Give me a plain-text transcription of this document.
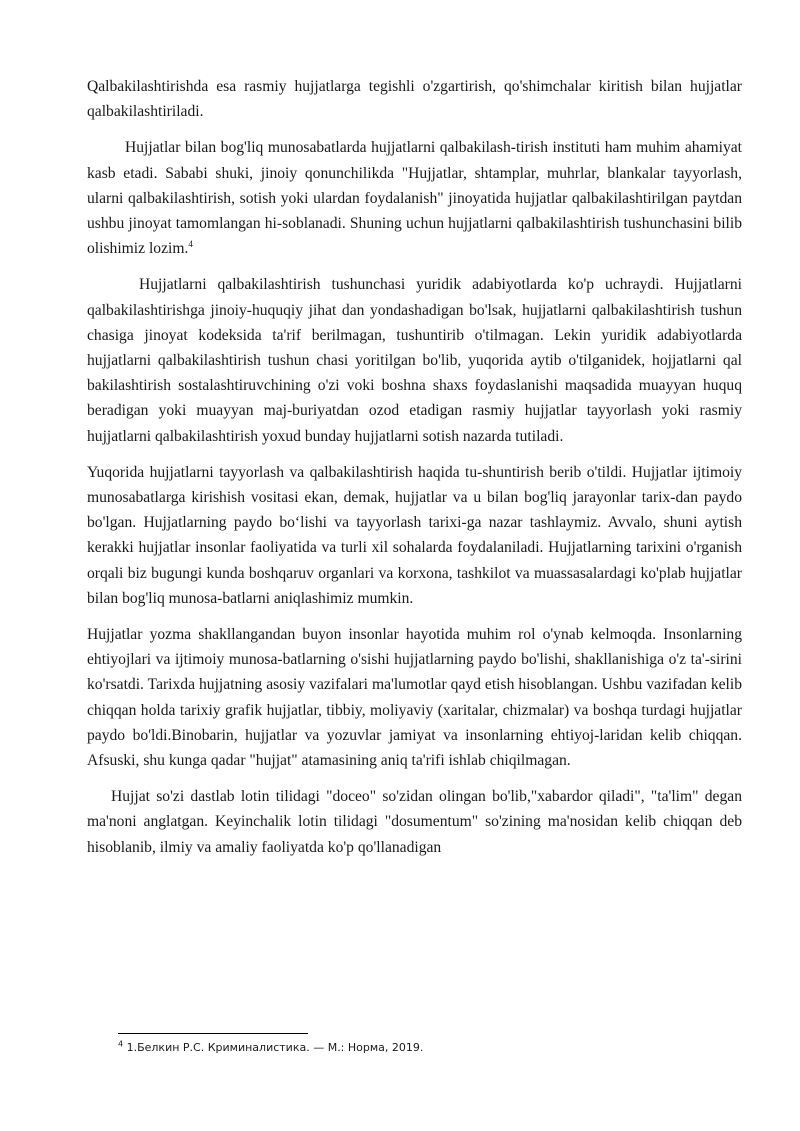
Qalbakilashtirishda esa rasmiy hujjatlarga tegishli o'zgartirish, qo'shimchalar kiritish bilan hujjatlar qalbakilashtiriladi.

Hujjatlar bilan bog'liq munosabatlarda hujjatlarni qalbakilash-tirish instituti ham muhim ahamiyat kasb etadi. Sababi shuki, jinoiy qonunchilikda "Hujjatlar, shtamplar, muhrlar, blankalar tayyorlash, ularni qalbakilashtirish, sotish yoki ulardan foydalanish" jinoyatida hujjatlar qalbakilashtirilgan paytdan ushbu jinoyat tamomlangan hi-soblanadi. Shuning uchun hujjatlarni qalbakilashtirish tushunchasini bilib olishimiz lozim.$^4$

Hujjatlarni qalbakilashtirish tushunchasi yuridik adabiyotlarda ko'p uchraydi. Hujjatlarni qalbakilashtirishga jinoiy-huquqiy jihat dan yondashadigan bo'lsak, hujjatlarni qalbakilashtirish tushun chasiga jinoyat kodeksida ta'rif berilmagan, tushuntirib o'tilmagan. Lekin yuridik adabiyotlarda hujjatlarni qalbakilashtirish tushun chasi yoritilgan bo'lib, yuqorida aytib o'tilganidek, hojjatlarni qal bakilashtirish sostalashtiruvchining o'zi voki boshna shaxs foydaslanishi maqsadida muayyan huquq beradigan yoki muayyan maj-buriyatdan ozod etadigan rasmiy hujjatlar tayyorlash yoki rasmiy hujjatlarni qalbakilashtirish yoxud bunday hujjatlarni sotish nazarda tutiladi.

Yuqorida hujjatlarni tayyorlash va qalbakilashtirish haqida tu-shuntirish berib o'tildi. Hujjatlar ijtimoiy munosabatlarga kirishish vositasi ekan, demak, hujjatlar va u bilan bog'liq jarayonlar tarix-dan paydo bo'lgan. Hujjatlarning paydo bo‘lishi va tayyorlash tarixi-ga nazar tashlaymiz. Avvalo, shuni aytish kerakki hujjatlar insonlar faoliyatida va turli xil sohalarda foydalaniladi. Hujjatlarning tarixini o'rganish orqali biz bugungi kunda boshqaruv organlari va korxona, tashkilot va muassasalardagi ko'plab hujjatlar bilan bog'liq munosa-batlarni aniqlashimiz mumkin.

Hujjatlar yozma shakllangandan buyon insonlar hayotida muhim rol o'ynab kelmoqda. Insonlarning ehtiyojlari va ijtimoiy munosa-batlarning o'sishi hujjatlarning paydo bo'lishi, shakllanishiga o'z ta'-sirini ko'rsatdi. Tarixda hujjatning asosiy vazifalari ma'lumotlar qayd etish hisoblangan. Ushbu vazifadan kelib chiqqan holda tarixiy grafik hujjatlar, tibbiy, moliyaviy (xaritalar, chizmalar) va boshqa turdagi hujjatlar paydo bo'ldi.Binobarin, hujjatlar va yozuvlar jamiyat va insonlarning ehtiyoj-laridan kelib chiqqan. Afsuski, shu kunga qadar "hujjat" atamasining aniq ta'rifi ishlab chiqilmagan.

Hujjat so'zi dastlab lotin tilidagi "doceo" so'zidan olingan bo'lib,"xabardor qiladi", "ta'lim" degan ma'noni anglatgan. Keyinchalik lotin tilidagi "dosumentum" so'zining ma'nosidan kelib chiqqan deb hisoblanib, ilmiy va amaliy faoliyatda ko'p qo'llanadigan

$^4$ 1.Белкин Р.С. Криминалистика. — М.: Норма, 2019.
